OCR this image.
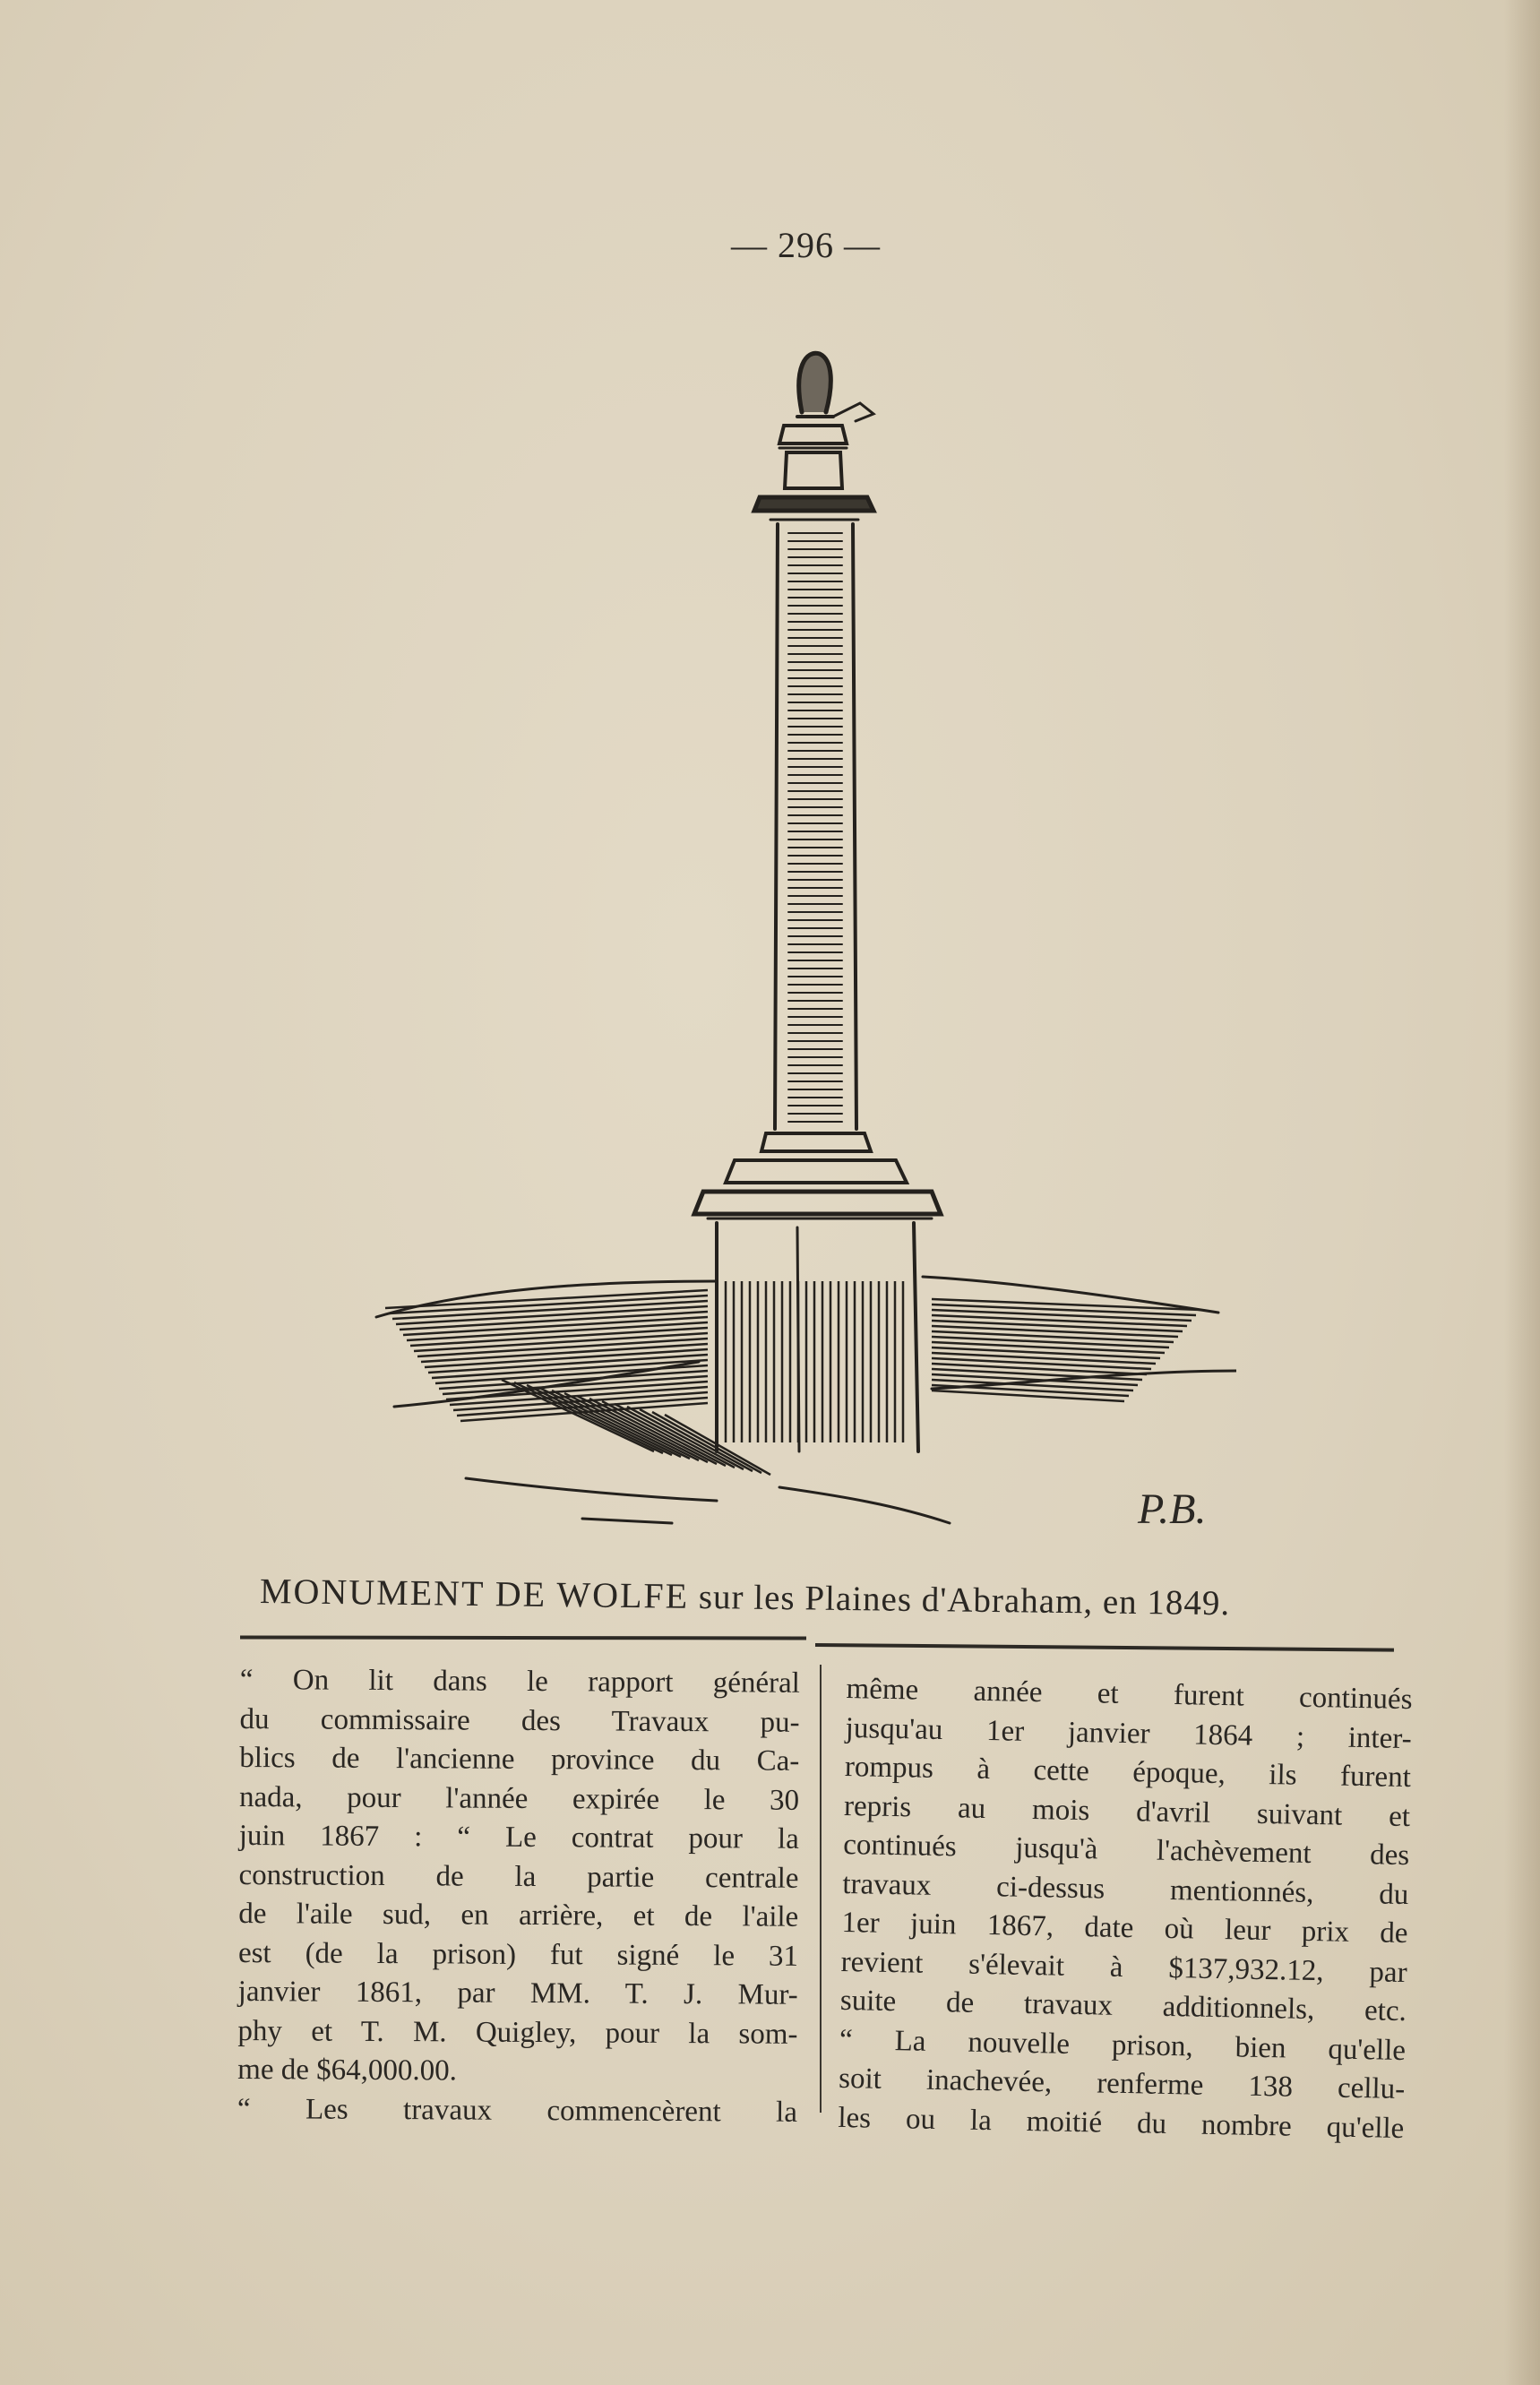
— 296 —
P.B.
MONUMENT DE WOLFE sur les Plaines d'Abraham, en 1849.
“ On lit dans le rapport général
du commissaire des Travaux pu-
blics de l'ancienne province du Ca-
nada, pour l'année expirée le 30
juin 1867 : “ Le contrat pour la
construction de la partie centrale
de l'aile sud, en arrière, et de l'aile
est (de la prison) fut signé le 31
janvier 1861, par MM. T. J. Mur-
phy et T. M. Quigley, pour la som-
me de $64,000.00.
“ Les travaux commencèrent la
même année et furent continués
jusqu'au 1er janvier 1864 ; inter-
rompus à cette époque, ils furent
repris au mois d'avril suivant et
continués jusqu'à l'achèvement des
travaux ci-dessus mentionnés, du
1er juin 1867, date où leur prix de
revient s'élevait à $137,932.12, par
suite de travaux additionnels, etc.
“ La nouvelle prison, bien qu'elle
soit inachevée, renferme 138 cellu-
les ou la moitié du nombre qu'elle
